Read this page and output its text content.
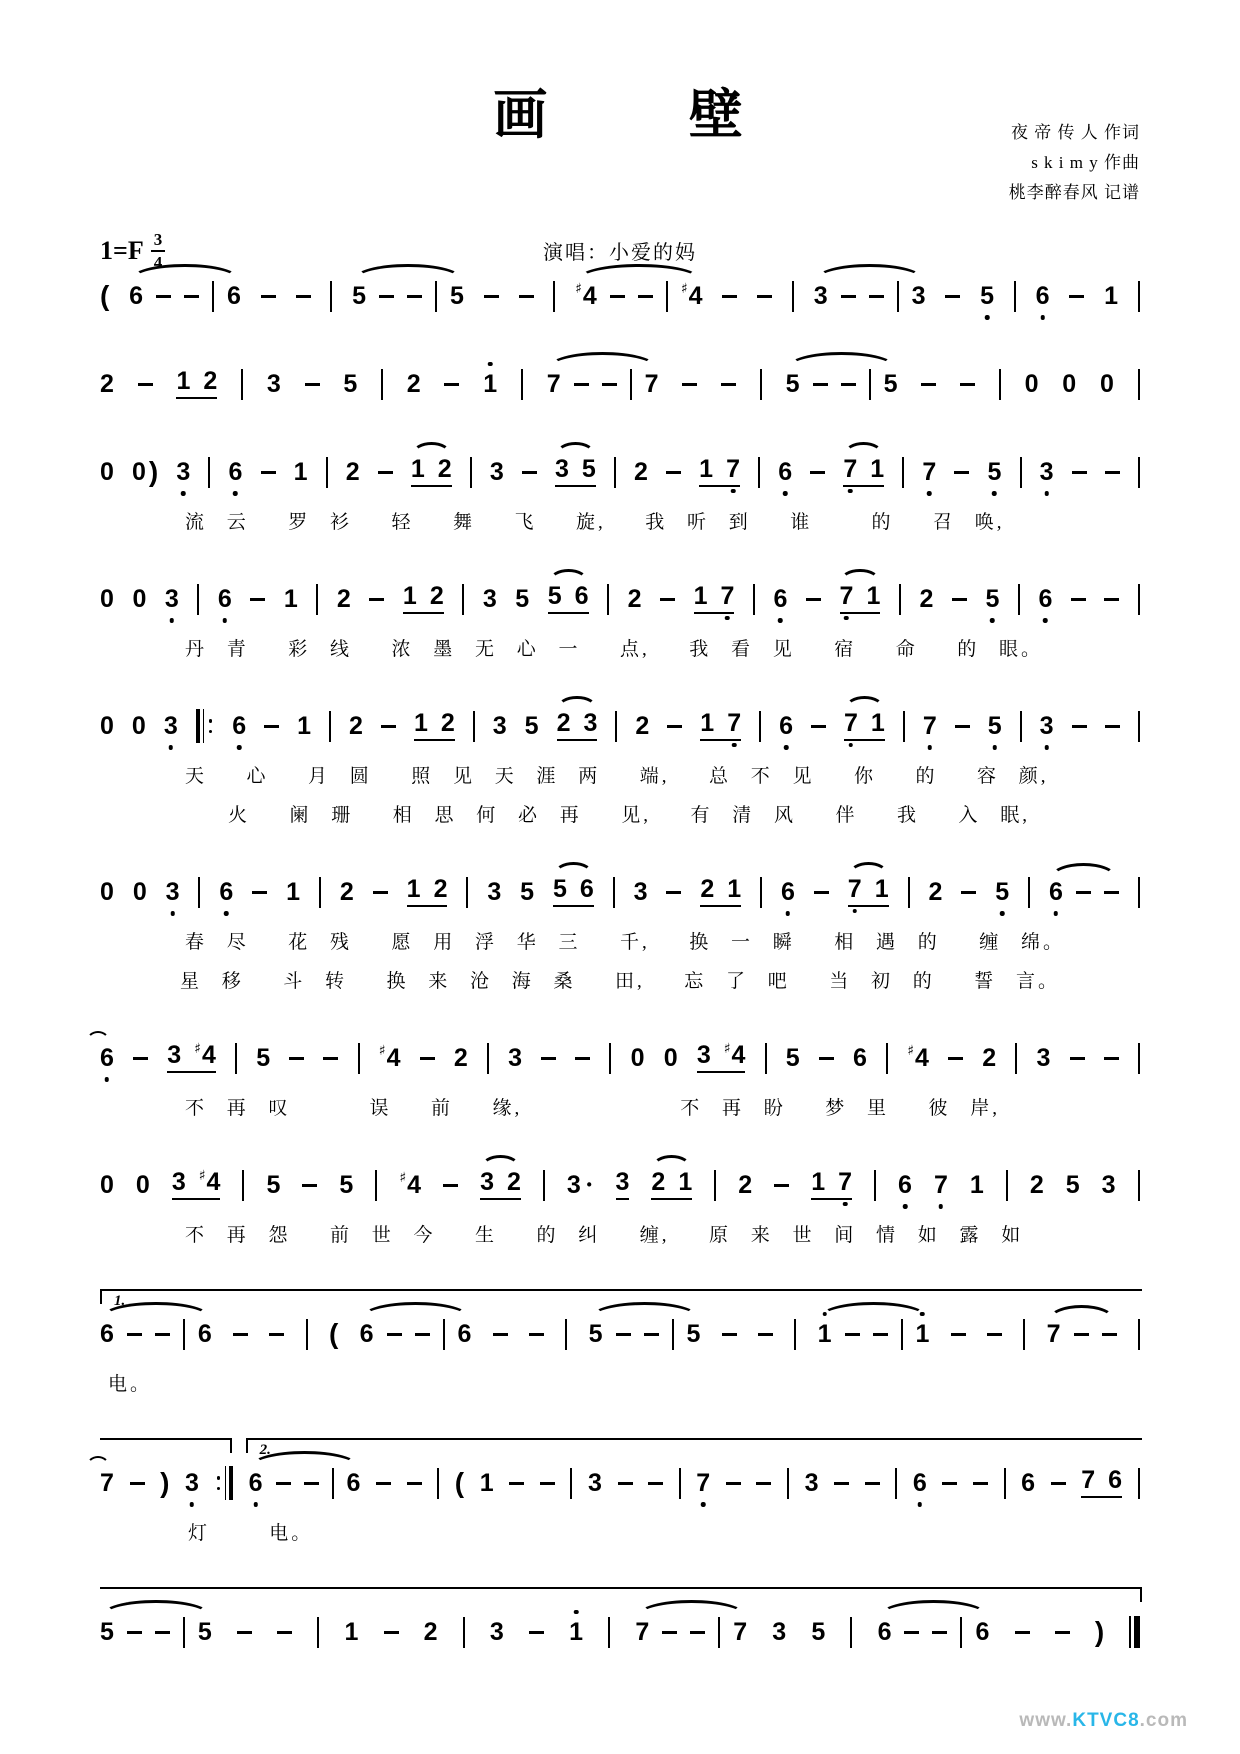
画 壁
$1=F \frac{3}{4}$	演唱：小爱的妈
夜 帝 传 人 作词
s k i m y 作曲
桃李醉春风 记谱
( 6	6	5	5	♯ 4	♯ 4	3	3 5 6 1
2	1 2 3	5 2	1 7	7	5	5	0 0 0
0 0 ) 3 6 1 2 1 2 3 3 5 2 1 7 6 7 1 7 5 3
流 云  罗 衫  轻  舞  飞  旋,  我 听 到  谁   的  召 唤,
0 0 3 6 1 2 1 2 3 5 5 6 2 1 7 6 7 1 2 5 6
丹 青  彩 线  浓 墨 无 心 一  点,  我 看 见  宿  命  的 眼。
0 0 3 6 1 2 1 2 3 5 2 3 2 1 7 6 7 1 7 5 3
天  心  月 圆  照 见 天 涯 两  端,  总 不 见  你  的  容 颜,
火  阑 珊  相 思 何 必 再  见,  有 清 风  伴  我  入 眠,
0 0 3 6 1 2 1 2 3 5 5 6 3 2 1 6 7 1 2 5 6
春 尽  花 残  愿 用 浮 华 三  千,  换 一 瞬  相 遇 的  缠 绵。
星 移  斗 转  换 来 沧 海 桑  田,  忘 了 吧  当 初 的  誓 言。
6 3 ♯ 4 5	♯ 4 2 3	0 0 3 ♯ 4 5 6	♯ 4 2 3
不 再 叹    误  前  缘,        不 再 盼  梦 里  彼 岸,
0 0 3 ♯ 4 5 5	♯ 4 3 2 3 · 3 2 1 2 1 7 6 7 1 2 5 3
不 再 怨  前 世 今  生  的 纠  缠,  原 来 世 间 情 如 露 如
1.
6	6	( 6	6	5	5	1	1	7
电。
2.
7 ) 3 6	6	( 1	3	7	3	6	6 7 6
灯   电。
5	5	1	2 3	1 7	7 3 5 6	6	)
www.KTVC8.com
